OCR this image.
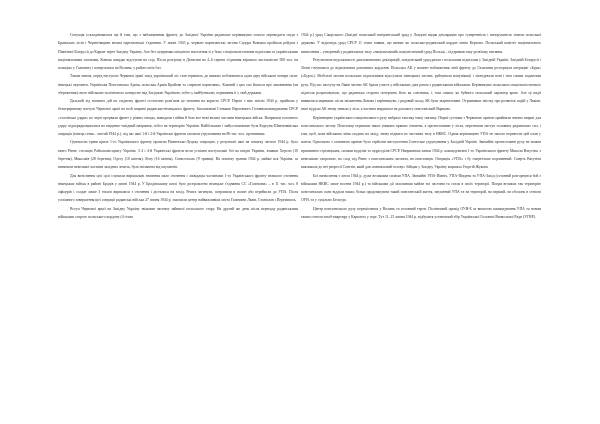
Ситуація ускладнювалася ще й тим, що з наближенням фронту до Західної України радянське керівництво почало переводити сюди з Брянських лісів і Чернігівщини великі партизанські з'єднання. У липні 1943 р. червоні партизанські загони Сидора Ковпака пройшли рейдом з Північної Білорусії до Карпат через Західну Україну. Але без підтримки місцевого населення зі у боях з націоналістичним підпіллям та українськими національними загонами, Ковпак швидко відступав на схід. Після розгрому в Делятині на 4–6 серпня з'єднання втратило чисельністю 500 чол. на позиціях у Галичину і поверталися на Волинь, у район своїх баз.

Таким чином, перед наступом Червоної армії захід український ліс став терміном, де вважно побоюватися один одну військові чотири сили: німецькі окупанти, Українська Повстанська Армія, польська Армія Крайова та «червоні партизани». Кожний з цих сил йшлося про завоювання (чи збереження) свого військово-політичного контролю над Західною Україною, тобто у майбутньому отримання її у свій держави.

Дальшій хід воєнних дій на східному фронті остаточно розв'язав це питання на користь СРСР. Перші з них звісно 1944 р. прийшли у безперервному наступі Червоної армії на всій ширині радянсько-німецького фронту. Заплановані Ставкою Верховного Головнокомандування СРСР «сталінські удари» по черзі прорвали фронт у різних місцях, виводячи з війни й бою все нові великі частини німецьких військ. Напрямом головного удару підпорядковувалися на південно-західний напрямок, тобто на територію України. Найбільшою і найуспішнішою була Корсунь-Шевченківська операція (кінець січня – лютий 1944 р.), під час якої 1-й і 2-й Українські фронти оточили угруповання на 86 тис. чол. противника.

Одночасно трави криле 1-го Українського фронту провели Рівненсько-Луцьку операцію, у результаті якої на початку лютого 1944 р. було взято Рівне, столицю Райхскомісаріату Україна. З 4 і 4-й Українські фронти вели успішні наступальні бої на півдні України, взявши Херсон (10 березня), Миколаїв (28 березня), Одесу (10 квітня), Ялту (16 квітня), Севастополь (9 травня). На початку травня 1944 р. майже вся Україна, за винятком невеликої частини західних земель, була звільнена від окупантів.

Для витіснення цієї цілі служили вирішальні значення мало оточення і ліквідація частинами 1-го Українського фронту великого оточення німецьких військ в районі Бродів у липні 1944 р. У Бродівському котлі було розгромлено німецьке з'єднання СС «Галичина» – в 11 тис. чол. 8 офіцерів і солдат лише 3 тисячі вирвалися з оточення і дісталися на захід. Решта загинули, потрапили в полон або перейшли до УПА. Після успішного завершення цієї операції радянські війська 27 липня 1944 р. захопили центр найважливіші міста Галичини Львів, Станіслав і Перемишль.

Вступ Червоної армії на Західну Україну звільнив частину зайнятої польського стару. На другий же день після переходу радянськими військами старого польського кордону (4 січня

1944 р.) уряд Сікорського (Західні польський емігрантський уряд у Лондоні видав декларацію про суверенність і непорушність земель польської держави. У відповідь уряд СРСР 11 січня заявив, що визнає як польсько-радянський кордон лінію Керзона. Польський комітет національного визволення – утворений у радянському тилу «національний» комуністичний уряд Польщі – підтримав таку розв'язку питання.

Результатом недосяжності дипломатичних декларацій, лондонський уряд разом з польським підпіллям у Західній Україні, Західній Білорусії і Литві готувалися до відновлення довоєнних кордонів. Польська АК у момент наближення лінії фронту до Галичини розгорнула операцію «Буря» («Бурч»). Мобільні загони польських підпільників відступали німецьких частин, руйнували комунікації і ліквідували нові і тим самим подаючим руху. Під час наступу на Львів загони АК брали участь у військових діях разом з радянськими військами. Керівництво польського націоналістичного підпілля розраховувало, що радянська сторона потерпить його як союзника, і, тим самим, як буйного польський характер краю. Але ці надії виявилися марними: після звільнення Львова і керівництво, і рядовий склад АК були заарештовані. Отримавши звістку про розвиток подій у Львові, інші відділи АК знову зникли у ліси, а частина вирушила на допомогу повстанській Варшаві.

Керівництво українського національного руху вибрало тактику іншу тактику. Перші сутички з Червоною армією прийняли значно ширші для повстанського загону. Повстанці отримали наказ уникати прямих зіткнень, а протистоянню у лісах, перечекати наступ головних радянських сил, і тим, щоб, коли військова лінія сходить на захід, знову підняти по частинах тилу в НКВС. Однак керівництво УПА не змогло перевести цей план у життя. Одночасно з основною армією було серйозне виступлення Совєтське угрупування у Західній Україні. Звичайне протистоянні руху не можна припинити стрілецьким, силами відділів та підрозділів СРСР. Напрямніші ланки 1944 р. командувачем 1-го Українського фронту Миколи Ватутіна, з невеликою охороною, на сход під Рівне з повстанським загоном, на повстанців. Операція «УПА» і бу смертельно пораненний. Смерть Ватутіна викликала до неї репресії Совєтів, який дав «навчальний голову» бійцям у Західну Україну маршала Георгій Жукова.

Бої визволення з літом 1944 р. дуже великими силами УПА. Звичайні УПА-Північ, УПА-Південь та УПА-Захід (останній розгорнувся бой з військами НКВС лише восени 1944 р.) та військами дії захопивши майже всі частини та стали в своїх території. Попри великих так територію повстанських сили відділи наказ, більш продовжувати такий повстанській життя, змушений УПА та на територій, на перший, на оболонь в степові ОУН, та у суцільно Бескеди.

Центр повстанського руху перемістився у Волинь та головний терен. Політичний провід ОУН-Б за вимогою командування УПА та новим таким сенсом штаб-квартиру у Карпатах у горе. Тут 11–15 липня 1944 р. відбулися установчий збір Української Головної Визвольної Ради (УГВР).
